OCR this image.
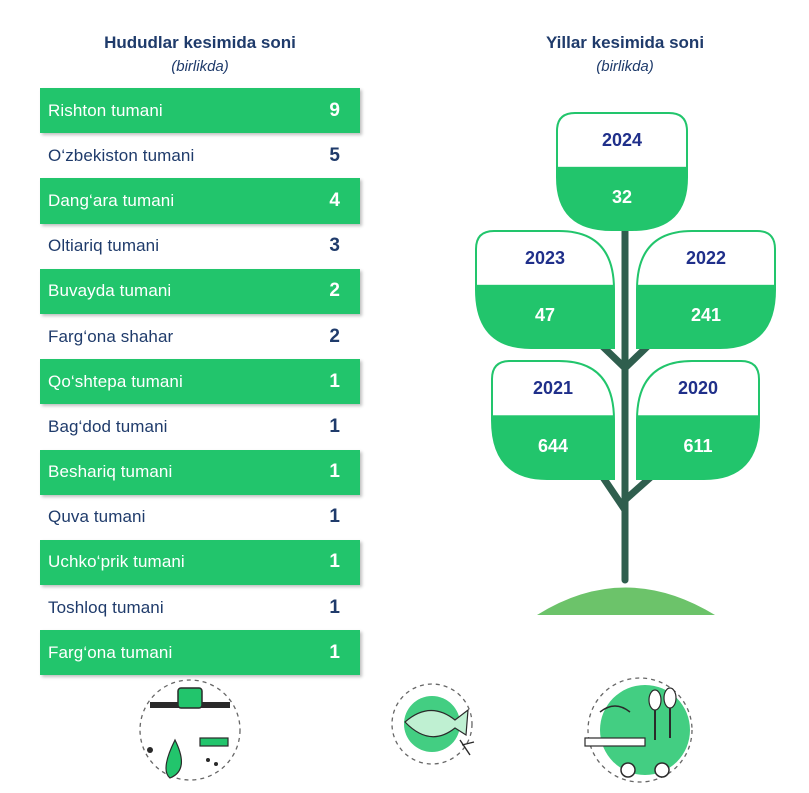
Hududlar kesimida soni
(birlikda)
Yillar kesimida soni
(birlikda)
Rishton tumani	9
O‘zbekiston tumani	5
Dang‘ara tumani	4
Oltiariq tumani	3
Buvayda tumani	2
Farg‘ona shahar	2
Qo‘shtepa tumani	1
Bag‘dod tumani	1
Beshariq tumani	1
Quva tumani	1
Uchko‘prik tumani	1
Toshloq tumani	1
Farg‘ona tumani	1
2024
32
2023
47
2022
241
2021
644
2020
611
